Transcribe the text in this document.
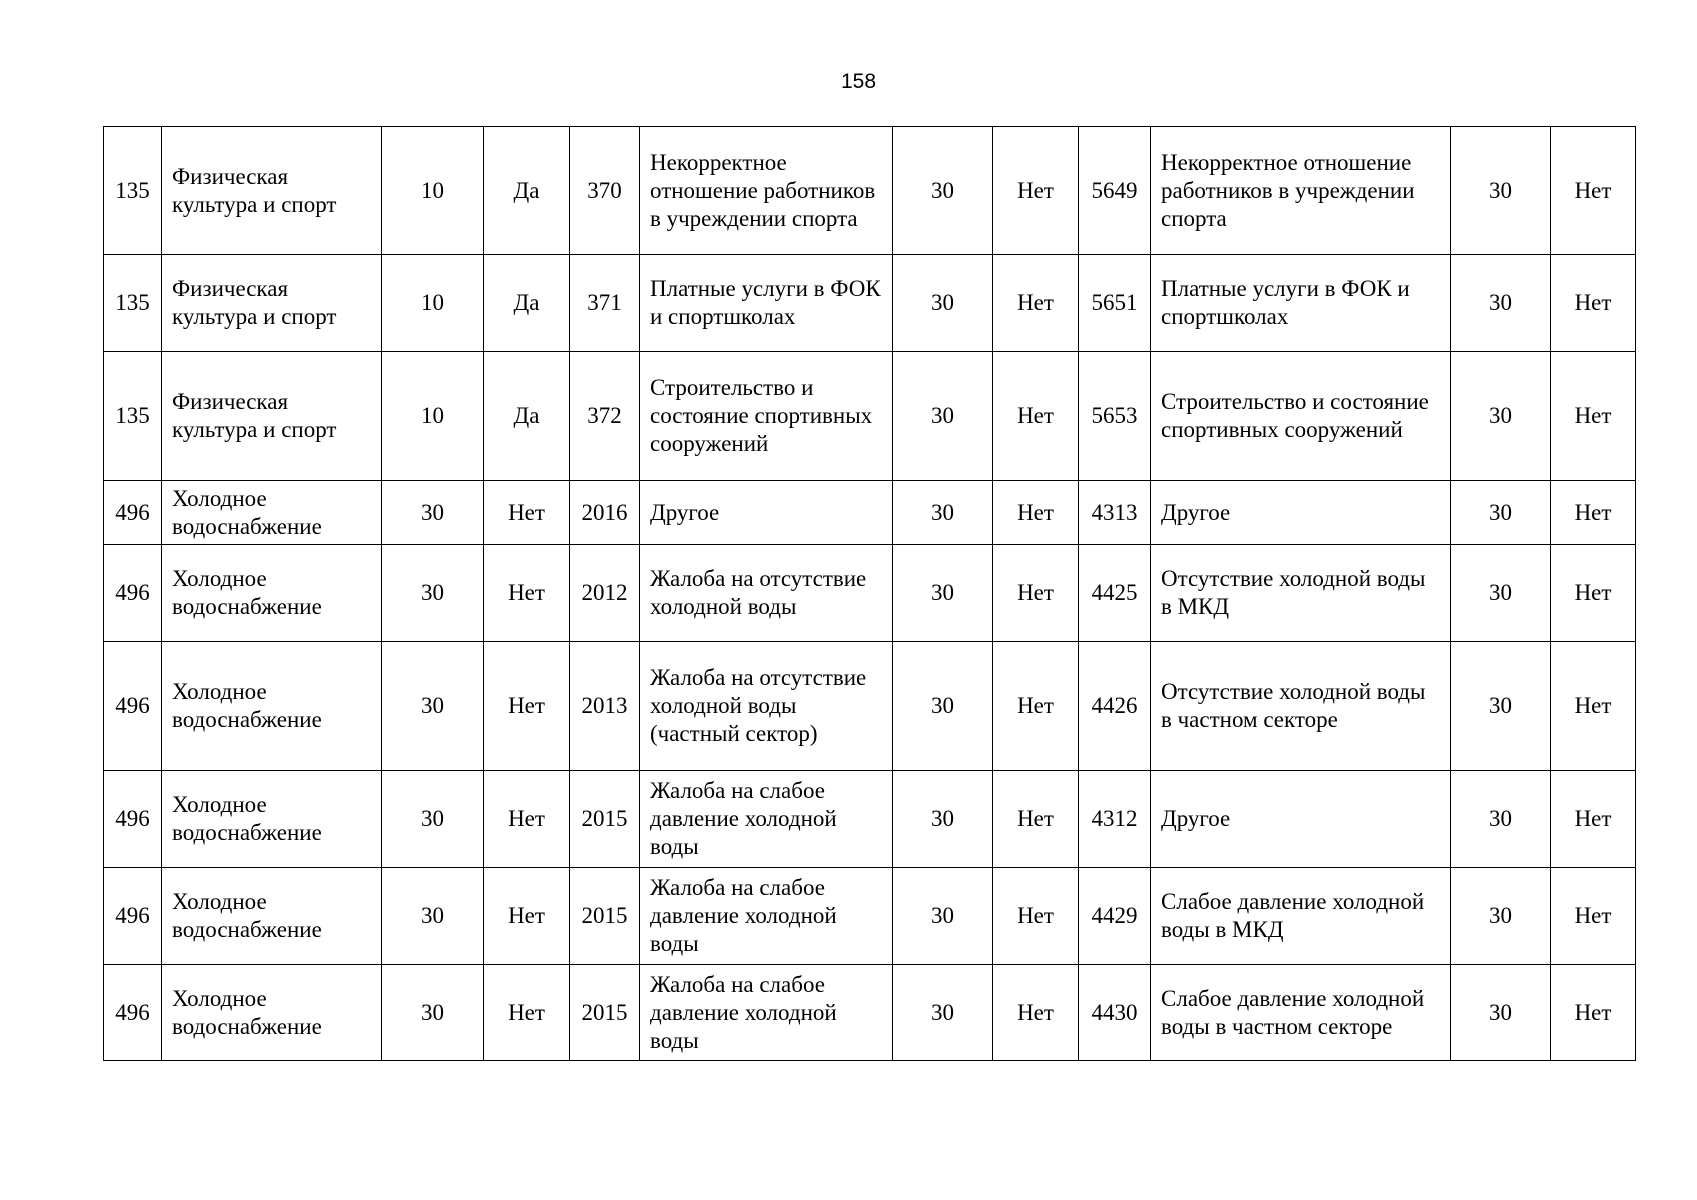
158
135	Физическая культура и спорт	10	Да	370	Некорректное отношение работников в учреждении спорта	30	Нет	5649	Некорректное отношение работников в учреждении спорта	30	Нет
135	Физическая культура и спорт	10	Да	371	Платные услуги в ФОК и спортшколах	30	Нет	5651	Платные услуги в ФОК и спортшколах	30	Нет
135	Физическая культура и спорт	10	Да	372	Строительство и состояние спортивных сооружений	30	Нет	5653	Строительство и состояние спортивных сооружений	30	Нет
496	Холодное водоснабжение	30	Нет	2016	Другое	30	Нет	4313	Другое	30	Нет
496	Холодное водоснабжение	30	Нет	2012	Жалоба на отсутствие холодной воды	30	Нет	4425	Отсутствие холодной воды в МКД	30	Нет
496	Холодное водоснабжение	30	Нет	2013	Жалоба на отсутствие холодной воды (частный сектор)	30	Нет	4426	Отсутствие холодной воды в частном секторе	30	Нет
496	Холодное водоснабжение	30	Нет	2015	Жалоба на слабое давление холодной воды	30	Нет	4312	Другое	30	Нет
496	Холодное водоснабжение	30	Нет	2015	Жалоба на слабое давление холодной воды	30	Нет	4429	Слабое давление холодной воды в МКД	30	Нет
496	Холодное водоснабжение	30	Нет	2015	Жалоба на слабое давление холодной воды	30	Нет	4430	Слабое давление холодной воды в частном секторе	30	Нет
